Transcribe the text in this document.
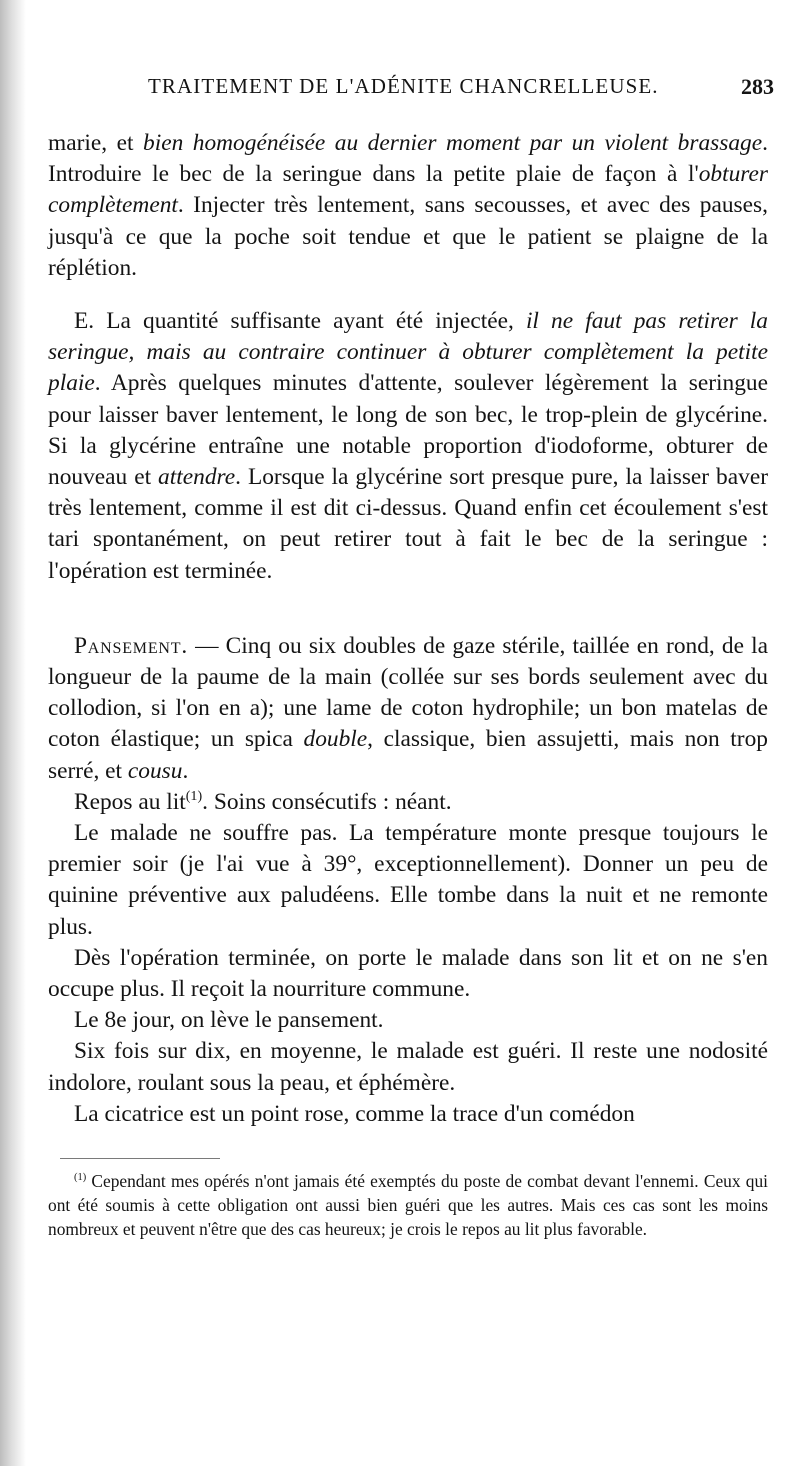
TRAITEMENT DE L'ADÉNITE CHANCRELLEUSE.	283

marie, et bien homogénéisée au dernier moment par un violent brassage. Introduire le bec de la seringue dans la petite plaie de façon à l'obturer complètement. Injecter très lentement, sans secousses, et avec des pauses, jusqu'à ce que la poche soit tendue et que le patient se plaigne de la réplétion.

E. La quantité suffisante ayant été injectée, il ne faut pas retirer la seringue, mais au contraire continuer à obturer complètement la petite plaie. Après quelques minutes d'attente, soulever légèrement la seringue pour laisser baver lentement, le long de son bec, le trop-plein de glycérine. Si la glycérine entraîne une notable proportion d'iodoforme, obturer de nouveau et attendre. Lorsque la glycérine sort presque pure, la laisser baver très lentement, comme il est dit ci-dessus. Quand enfin cet écoulement s'est tari spontanément, on peut retirer tout à fait le bec de la seringue : l'opération est terminée.

Pansement. — Cinq ou six doubles de gaze stérile, taillée en rond, de la longueur de la paume de la main (collée sur ses bords seulement avec du collodion, si l'on en a); une lame de coton hydrophile; un bon matelas de coton élastique; un spica double, classique, bien assujetti, mais non trop serré, et cousu.

Repos au lit$^{(1)}$. Soins consécutifs : néant.

Le malade ne souffre pas. La température monte presque toujours le premier soir (je l'ai vue à 39°, exceptionnellement). Donner un peu de quinine préventive aux paludéens. Elle tombe dans la nuit et ne remonte plus.

Dès l'opération terminée, on porte le malade dans son lit et on ne s'en occupe plus. Il reçoit la nourriture commune.

Le 8e jour, on lève le pansement.

Six fois sur dix, en moyenne, le malade est guéri. Il reste une nodosité indolore, roulant sous la peau, et éphémère.

La cicatrice est un point rose, comme la trace d'un comédon

$^{(1)}$ Cependant mes opérés n'ont jamais été exemptés du poste de combat devant l'ennemi. Ceux qui ont été soumis à cette obligation ont aussi bien guéri que les autres. Mais ces cas sont les moins nombreux et peuvent n'être que des cas heureux; je crois le repos au lit plus favorable.
